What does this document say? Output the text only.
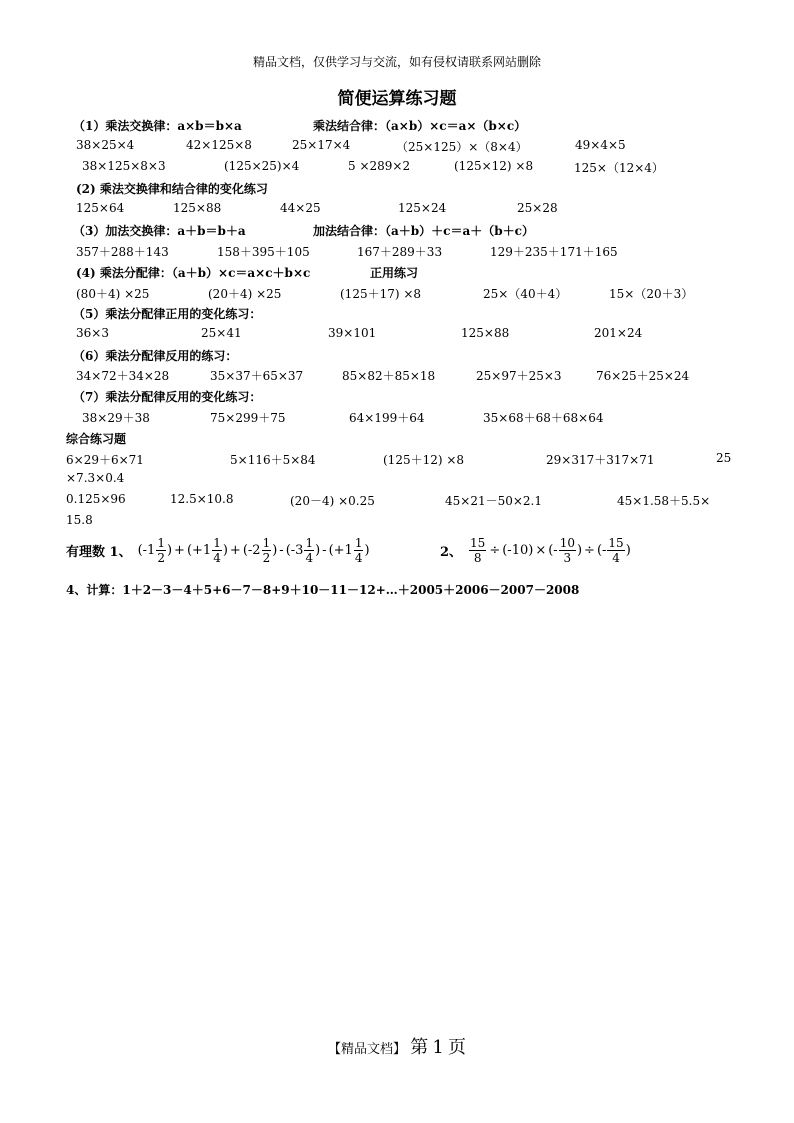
精品文档，仅供学习与交流，如有侵权请联系网站删除
简便运算练习题
（1）乘法交换律：a×b＝b×a	乘法结合律：（a×b）×c＝a×（b×c）
38×25×4	42×125×8	25×17×4	（25×125）×（8×4）	49×4×5
38×125×8×3	(125×25)×4	5 ×289×2	(125×12) ×8	125×（12×4）
(2) 乘法交换律和结合律的变化练习
125×64	125×88	44×25	125×24	25×28
（3）加法交换律：a＋b＝b＋a	加法结合律：（a＋b）＋c＝a＋（b＋c）
357＋288＋143	158＋395＋105	167＋289＋33	129＋235＋171＋165
(4) 乘法分配律：（a＋b）×c＝a×c＋b×c	正用练习
(80＋4) ×25	(20＋4) ×25	(125＋17) ×8	25×（40＋4）	15×（20＋3）
（5）乘法分配律正用的变化练习：
36×3	25×41	39×101	125×88	201×24
（6）乘法分配律反用的练习：
34×72＋34×28	35×37＋65×37	85×82＋85×18	25×97＋25×3	76×25＋25×24
（7）乘法分配律反用的变化练习：
38×29＋38	75×299＋75	64×199＋64	35×68＋68＋68×64
综合练习题
6×29＋6×71	5×116＋5×84	(125＋12) ×8	29×317＋317×71	25
×7.3×0.4
0.125×96	12.5×10.8	(20－4) ×0.25	45×21－50×2.1	45×1.58＋5.5×
15.8
有理数 1、 ($-1 \frac{1}{2}$ ) + ($+1 \frac{1}{4}$ ) + ($-2 \frac{1}{2}$ ) - ($-3 \frac{1}{4}$ ) - ($+1 \frac{1}{4}$ )	2、 $\frac{15}{8} \div (-10)$ × (- $\frac{10}{3}$ ) ÷ (- $\frac{15}{4}$ )
4、计算：1＋2－3－4＋5+6－7－8+9＋10－11－12+…＋2005＋2006－2007－2008
【精品文档】 第 1 页
